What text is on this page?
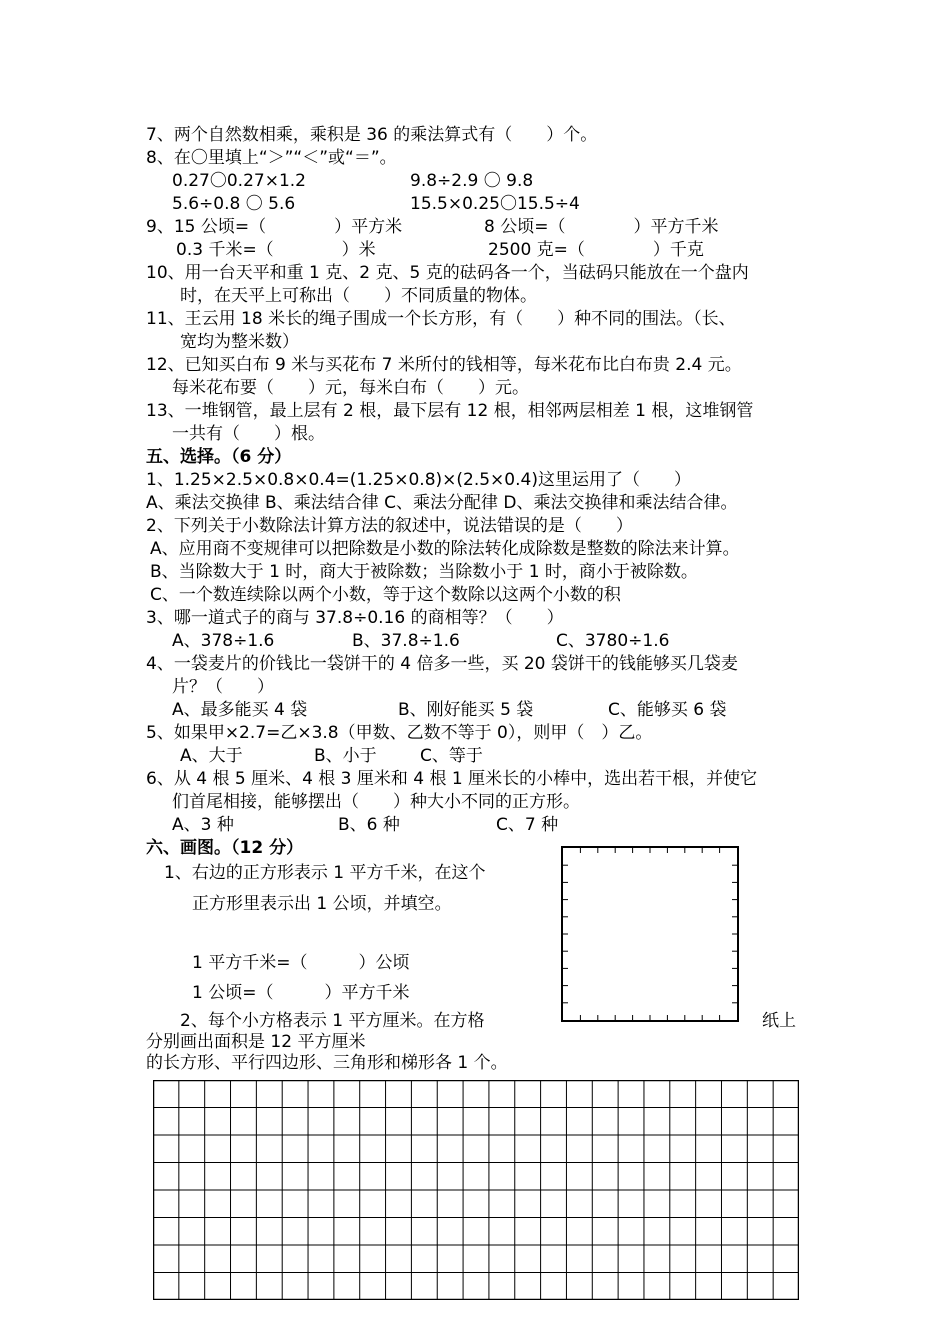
7、两个自然数相乘，乘积是 36 的乘法算式有（　　）个。
8、在〇里填上“＞”“＜”或“＝”。
0.27〇0.27×1.2	9.8÷2.9 〇 9.8
5.6÷0.8 〇 5.6	15.5×0.25〇15.5÷4
9、15 公顷=（　　　　）平方米	8 公顷=（　　　　）平方千米
0.3 千米=（　　　　）米	2500 克=（　　　　）千克
10、用一台天平和重 1 克、2 克、5 克的砝码各一个，当砝码只能放在一个盘内
时，在天平上可称出（　　）不同质量的物体。
11、王云用 18 米长的绳子围成一个长方形，有（　　）种不同的围法。（长、
宽均为整米数）
12、已知买白布 9 米与买花布 7 米所付的钱相等，每米花布比白布贵 2.4 元。
每米花布要（　　）元，每米白布（　　）元。
13、一堆钢管，最上层有 2 根，最下层有 12 根，相邻两层相差 1 根，这堆钢管
一共有（　　）根。
五、选择。（6 分）
1、1.25×2.5×0.8×0.4=(1.25×0.8)×(2.5×0.4)这里运用了（　　）
A、乘法交换律 B、乘法结合律 C、乘法分配律 D、乘法交换律和乘法结合律。
2、下列关于小数除法计算方法的叙述中，说法错误的是（　　）
A、应用商不变规律可以把除数是小数的除法转化成除数是整数的除法来计算。
B、当除数大于 1 时，商大于被除数；当除数小于 1 时，商小于被除数。
C、一个数连续除以两个小数，等于这个数除以这两个小数的积
3、哪一道式子的商与 37.8÷0.16 的商相等？（　　）
A、378÷1.6	B、37.8÷1.6	C、3780÷1.6
4、一袋麦片的价钱比一袋饼干的 4 倍多一些，买 20 袋饼干的钱能够买几袋麦
片？（　　）
A、最多能买 4 袋	B、刚好能买 5 袋	C、能够买 6 袋
5、如果甲×2.7=乙×3.8（甲数、乙数不等于 0），则甲（　）乙。
A、大于	B、小于	C、等于
6、从 4 根 5 厘米、4 根 3 厘米和 4 根 1 厘米长的小棒中，选出若干根，并使它
们首尾相接，能够摆出（　　）种大小不同的正方形。
A、3 种	B、6 种	C、7 种
六、画图。（12 分）
1、右边的正方形表示 1 平方千米，在这个
正方形里表示出 1 公顷，并填空。
1 平方千米=（　　　）公顷
1 公顷=（　　　）平方千米
2、每个小方格表示 1 平方厘米。在方格	纸上
分别画出面积是 12 平方厘米
的长方形、平行四边形、三角形和梯形各 1 个。
